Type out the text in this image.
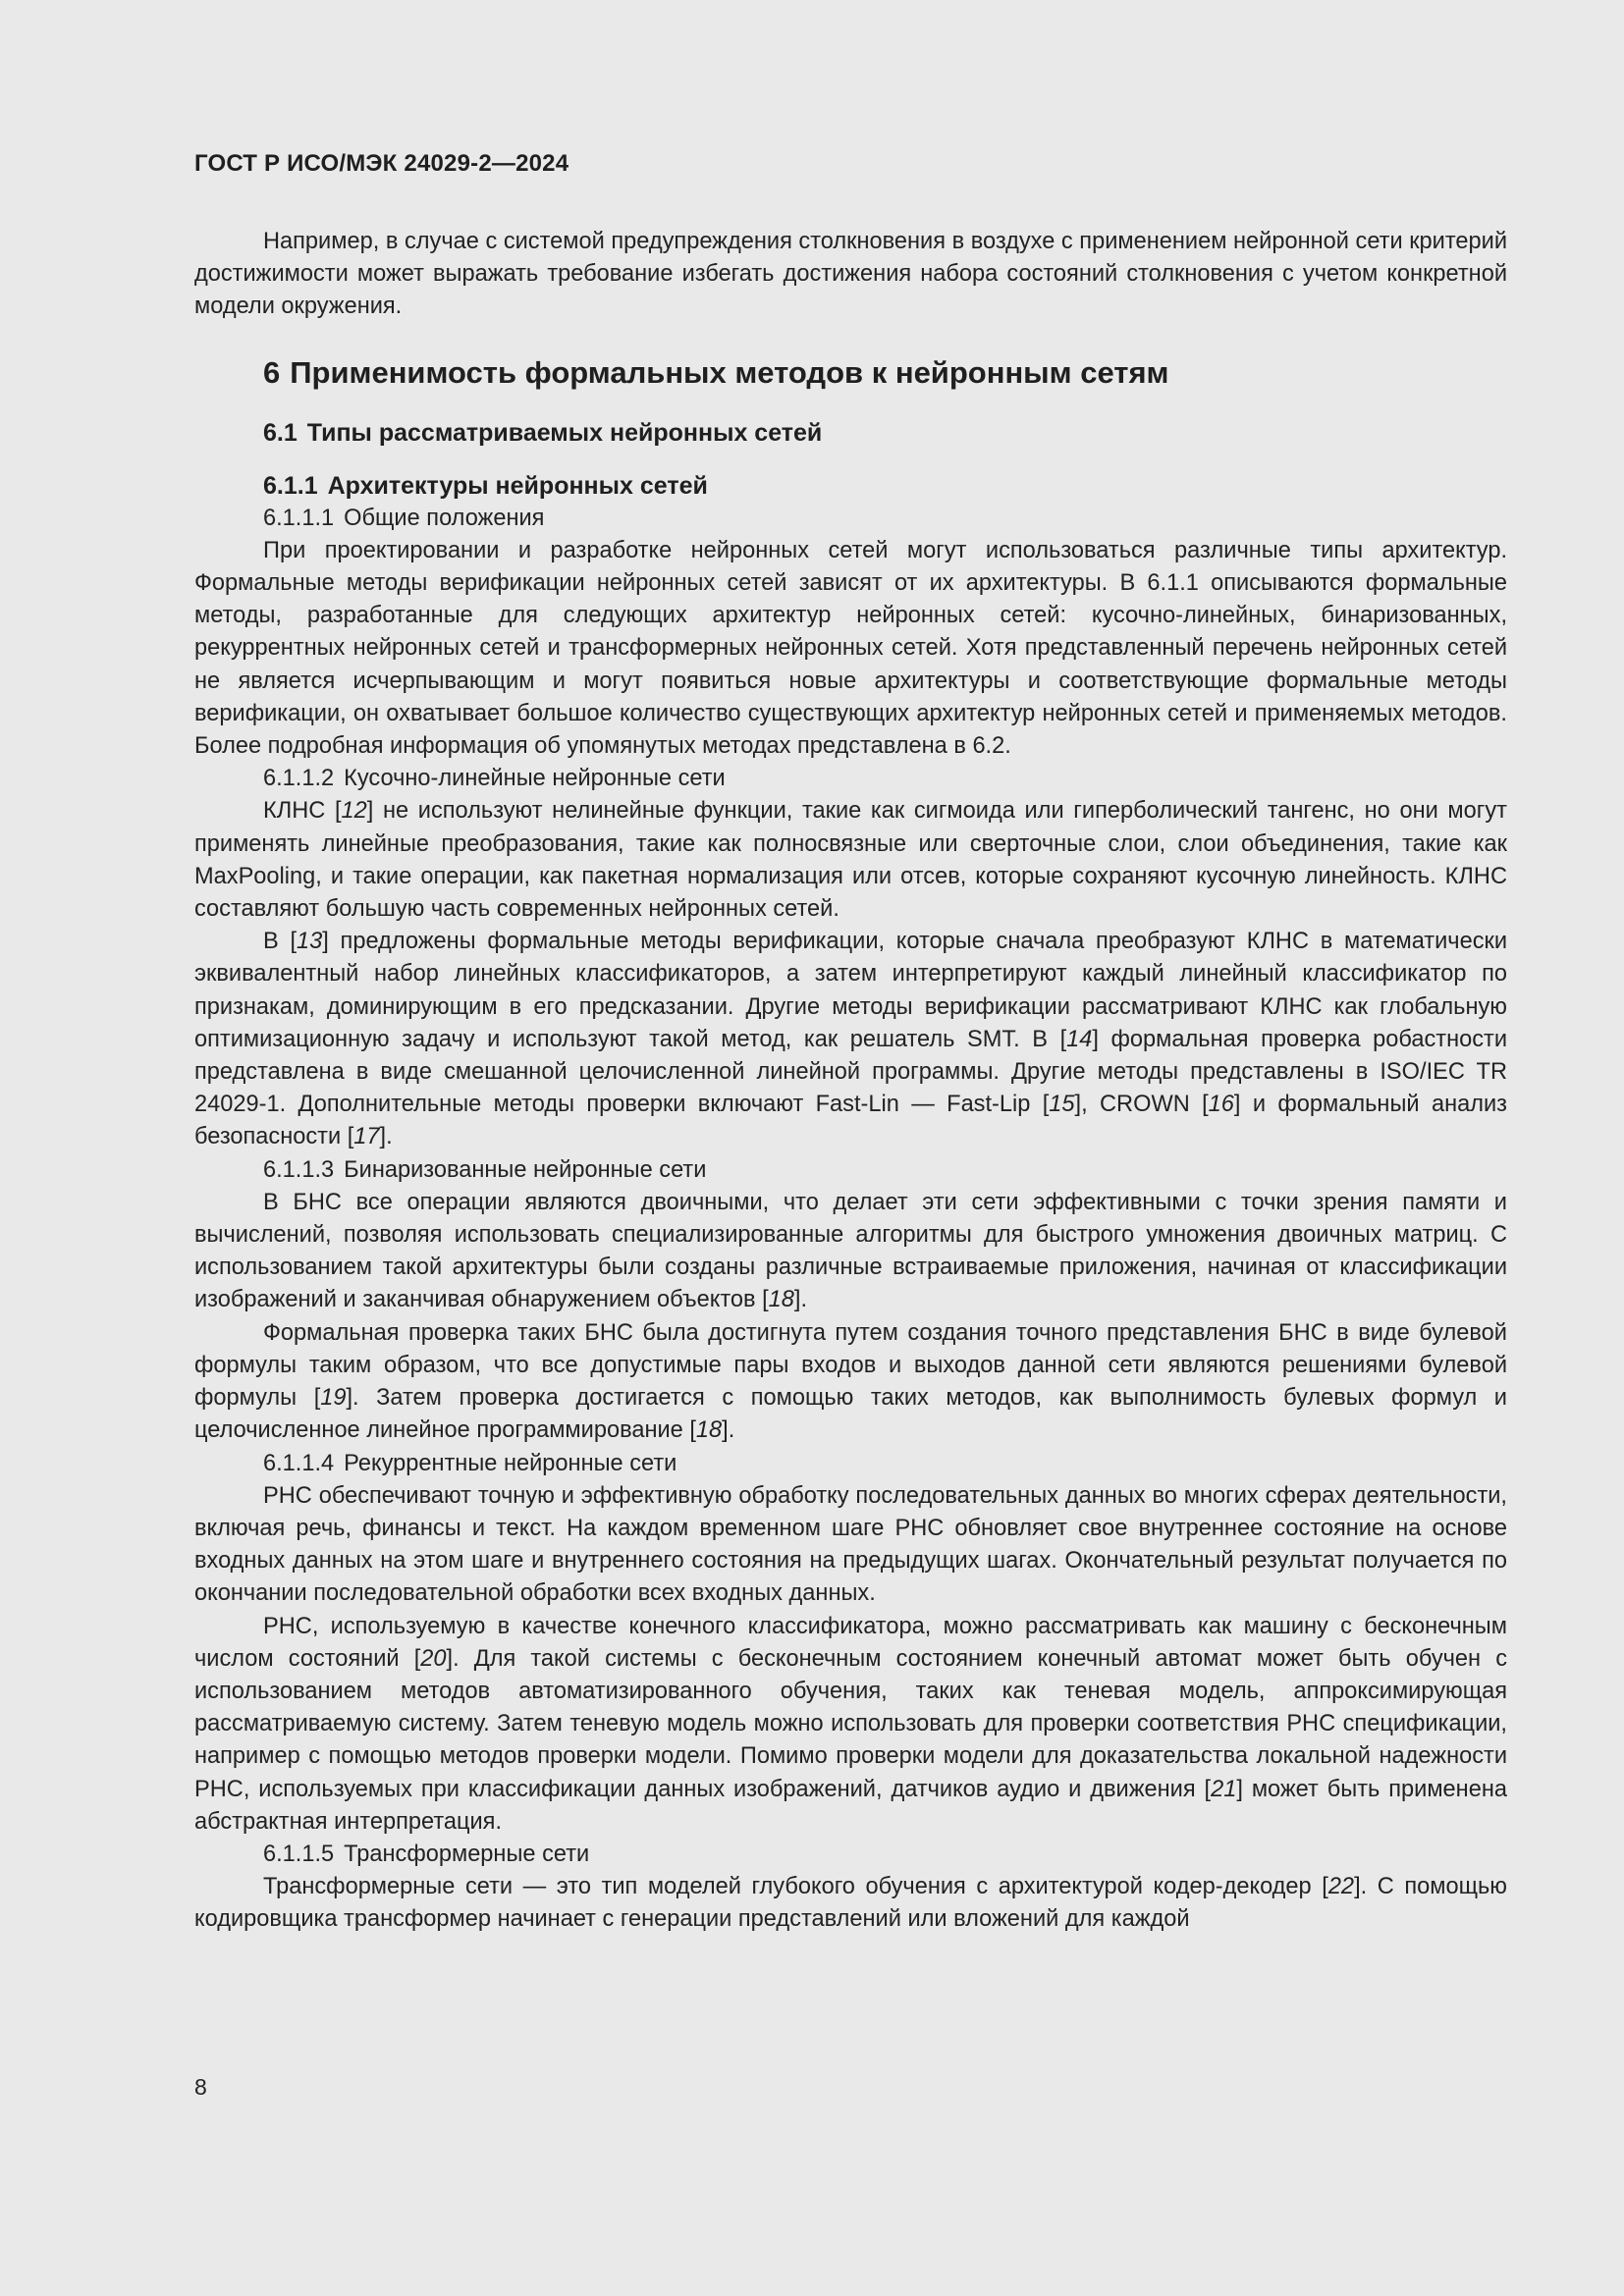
ГОСТ Р ИСО/МЭК 24029-2—2024

Например, в случае с системой предупреждения столкновения в воздухе с применением нейронной сети критерий достижимости может выражать требование избегать достижения набора состояний столкновения с учетом конкретной модели окружения.

6 Применимость формальных методов к нейронным сетям
6.1 Типы рассматриваемых нейронных сетей
6.1.1 Архитектуры нейронных сетей
6.1.1.1 Общие положения

При проектировании и разработке нейронных сетей могут использоваться различные типы архитектур. Формальные методы верификации нейронных сетей зависят от их архитектуры. В 6.1.1 описываются формальные методы, разработанные для следующих архитектур нейронных сетей: кусочно-линейных, бинаризованных, рекуррентных нейронных сетей и трансформерных нейронных сетей. Хотя представленный перечень нейронных сетей не является исчерпывающим и могут появиться новые архитектуры и соответствующие формальные методы верификации, он охватывает большое количество существующих архитектур нейронных сетей и применяемых методов. Более подробная информация об упомянутых методах представлена в 6.2.

6.1.1.2 Кусочно-линейные нейронные сети

КЛНС [12] не используют нелинейные функции, такие как сигмоида или гиперболический тангенс, но они могут применять линейные преобразования, такие как полносвязные или сверточные слои, слои объединения, такие как MaxPooling, и такие операции, как пакетная нормализация или отсев, которые сохраняют кусочную линейность. КЛНС составляют большую часть современных нейронных сетей.

В [13] предложены формальные методы верификации, которые сначала преобразуют КЛНС в математически эквивалентный набор линейных классификаторов, а затем интерпретируют каждый линейный классификатор по признакам, доминирующим в его предсказании. Другие методы верификации рассматривают КЛНС как глобальную оптимизационную задачу и используют такой метод, как решатель SMT. В [14] формальная проверка робастности представлена в виде смешанной целочисленной линейной программы. Другие методы представлены в ISO/IEC TR 24029-1. Дополнительные методы проверки включают Fast-Lin — Fast-Lip [15], CROWN [16] и формальный анализ безопасности [17].

6.1.1.3 Бинаризованные нейронные сети

В БНС все операции являются двоичными, что делает эти сети эффективными с точки зрения памяти и вычислений, позволяя использовать специализированные алгоритмы для быстрого умножения двоичных матриц. С использованием такой архитектуры были созданы различные встраиваемые приложения, начиная от классификации изображений и заканчивая обнаружением объектов [18].

Формальная проверка таких БНС была достигнута путем создания точного представления БНС в виде булевой формулы таким образом, что все допустимые пары входов и выходов данной сети являются решениями булевой формулы [19]. Затем проверка достигается с помощью таких методов, как выполнимость булевых формул и целочисленное линейное программирование [18].

6.1.1.4 Рекуррентные нейронные сети

РНС обеспечивают точную и эффективную обработку последовательных данных во многих сферах деятельности, включая речь, финансы и текст. На каждом временном шаге РНС обновляет свое внутреннее состояние на основе входных данных на этом шаге и внутреннего состояния на предыдущих шагах. Окончательный результат получается по окончании последовательной обработки всех входных данных.

РНС, используемую в качестве конечного классификатора, можно рассматривать как машину с бесконечным числом состояний [20]. Для такой системы с бесконечным состоянием конечный автомат может быть обучен с использованием методов автоматизированного обучения, таких как теневая модель, аппроксимирующая рассматриваемую систему. Затем теневую модель можно использовать для проверки соответствия РНС спецификации, например с помощью методов проверки модели. Помимо проверки модели для доказательства локальной надежности РНС, используемых при классификации данных изображений, датчиков аудио и движения [21] может быть применена абстрактная интерпретация.

6.1.1.5 Трансформерные сети

Трансформерные сети — это тип моделей глубокого обучения с архитектурой кодер-декодер [22]. С помощью кодировщика трансформер начинает с генерации представлений или вложений для каждой

8
